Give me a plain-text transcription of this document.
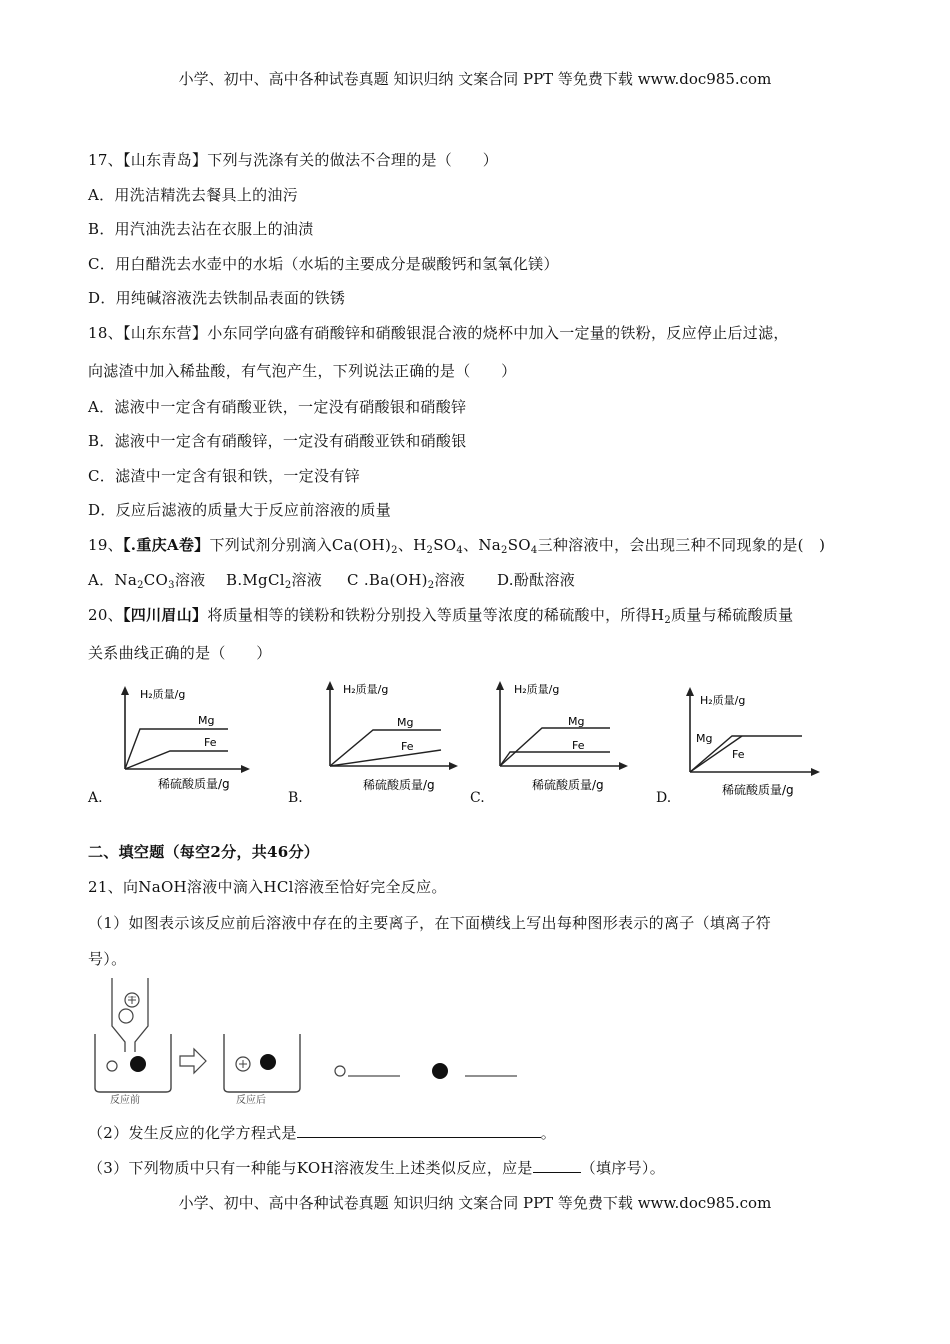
小学、初中、高中各种试卷真题 知识归纳 文案合同 PPT 等免费下载 www.doc985.com
17、【山东青岛】下列与洗涤有关的做法不合理的是（　　）
A．用洗洁精洗去餐具上的油污
B．用汽油洗去沾在衣服上的油渍
C．用白醋洗去水壶中的水垢（水垢的主要成分是碳酸钙和氢氧化镁）
D．用纯碱溶液洗去铁制品表面的铁锈
18、【山东东营】小东同学向盛有硝酸锌和硝酸银混合液的烧杯中加入一定量的铁粉，反应停止后过滤，
向滤渣中加入稀盐酸，有气泡产生，下列说法正确的是（　　）
A．滤液中一定含有硝酸亚铁，一定没有硝酸银和硝酸锌
B．滤液中一定含有硝酸锌，一定没有硝酸亚铁和硝酸银
C．滤渣中一定含有银和铁，一定没有锌
D．反应后滤液的质量大于反应前溶液的质量
19、【.重庆A卷】下列试剂分别滴入$Ca(OH)_2$、$H_2SO_4$、$Na_2SO_4$三种溶液中，会出现三种不同现象的是(　)
A．$Na_2CO_3$溶液 B.MgCl$_2$溶液 C $.Ba(OH)_2$溶液 D.酚酞溶液
20、【四川眉山】将质量相等的镁粉和铁粉分别投入等质量等浓度的稀硫酸中，所得$H_2$质量与稀硫酸质量
关系曲线正确的是（　　）
H₂质量/g
Mg
Fe
稀硫酸质量/g
A.
H₂质量/g
Mg
Fe
稀硫酸质量/g
B.
H₂质量/g
Mg
Fe
稀硫酸质量/g
C.
H₂质量/g
Mg
Fe
稀硫酸质量/g
D.
二、填空题（每空2分，共46分）
21、向NaOH溶液中滴入HCl溶液至恰好完全反应。
（1）如图表示该反应前后溶液中存在的主要离子，在下面横线上写出每种图形表示的离子（填离子符
号）。
反应前	反应后
（2）发生反应的化学方程式是	。
（3）下列物质中只有一种能与KOH溶液发生上述类似反应，应是	（填序号）。
小学、初中、高中各种试卷真题 知识归纳 文案合同 PPT 等免费下载 www.doc985.com
